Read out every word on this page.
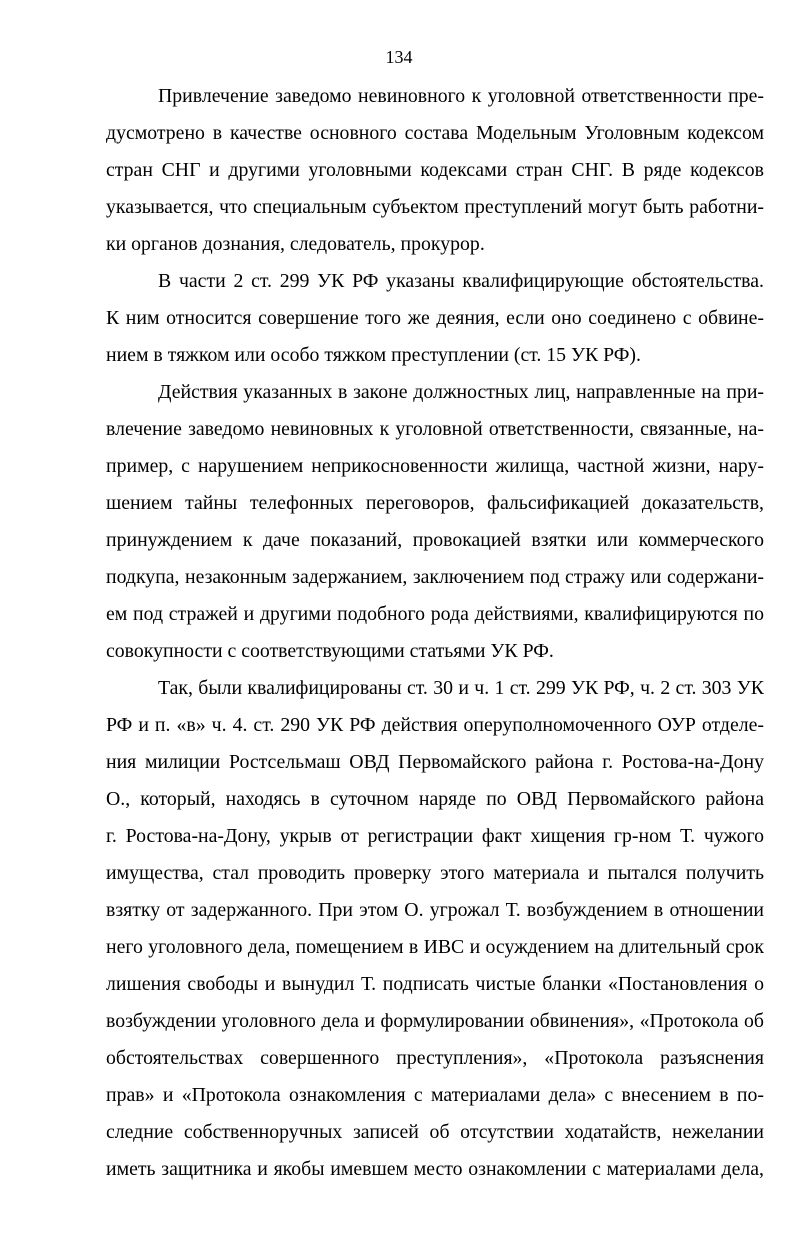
134
Привлечение заведомо невиновного к уголовной ответственности пре-
дусмотрено в качестве основного состава Модельным Уголовным кодексом
стран СНГ и другими уголовными кодексами стран СНГ. В ряде кодексов
указывается, что специальным субъектом преступлений могут быть работни-
ки органов дознания, следователь, прокурор.
В части 2 ст. 299 УК РФ указаны квалифицирующие обстоятельства.
К ним относится совершение того же деяния, если оно соединено с обвине-
нием в тяжком или особо тяжком преступлении (ст. 15 УК РФ).
Действия указанных в законе должностных лиц, направленные на при-
влечение заведомо невиновных к уголовной ответственности, связанные, на-
пример, с нарушением неприкосновенности жилища, частной жизни, нару-
шением тайны телефонных переговоров, фальсификацией доказательств,
принуждением к даче показаний, провокацией взятки или коммерческого
подкупа, незаконным задержанием, заключением под стражу или содержани-
ем под стражей и другими подобного рода действиями, квалифицируются по
совокупности с соответствующими статьями УК РФ.
Так, были квалифицированы ст. 30 и ч. 1 ст. 299 УК РФ, ч. 2 ст. 303 УК
РФ и п. «в» ч. 4. ст. 290 УК РФ действия оперуполномоченного ОУР отделе-
ния милиции Ростсельмаш ОВД Первомайского района г. Ростова-на-Дону
О., который, находясь в суточном наряде по ОВД Первомайского района
г. Ростова-на-Дону, укрыв от регистрации факт хищения гр-ном Т. чужого
имущества, стал проводить проверку этого материала и пытался получить
взятку от задержанного. При этом О. угрожал Т. возбуждением в отношении
него уголовного дела, помещением в ИВС и осуждением на длительный срок
лишения свободы и вынудил Т. подписать чистые бланки «Постановления о
возбуждении уголовного дела и формулировании обвинения», «Протокола об
обстоятельствах совершенного преступления», «Протокола разъяснения
прав» и «Протокола ознакомления с материалами дела» с внесением в по-
следние собственноручных записей об отсутствии ходатайств, нежелании
иметь защитника и якобы имевшем место ознакомлении с материалами дела,
